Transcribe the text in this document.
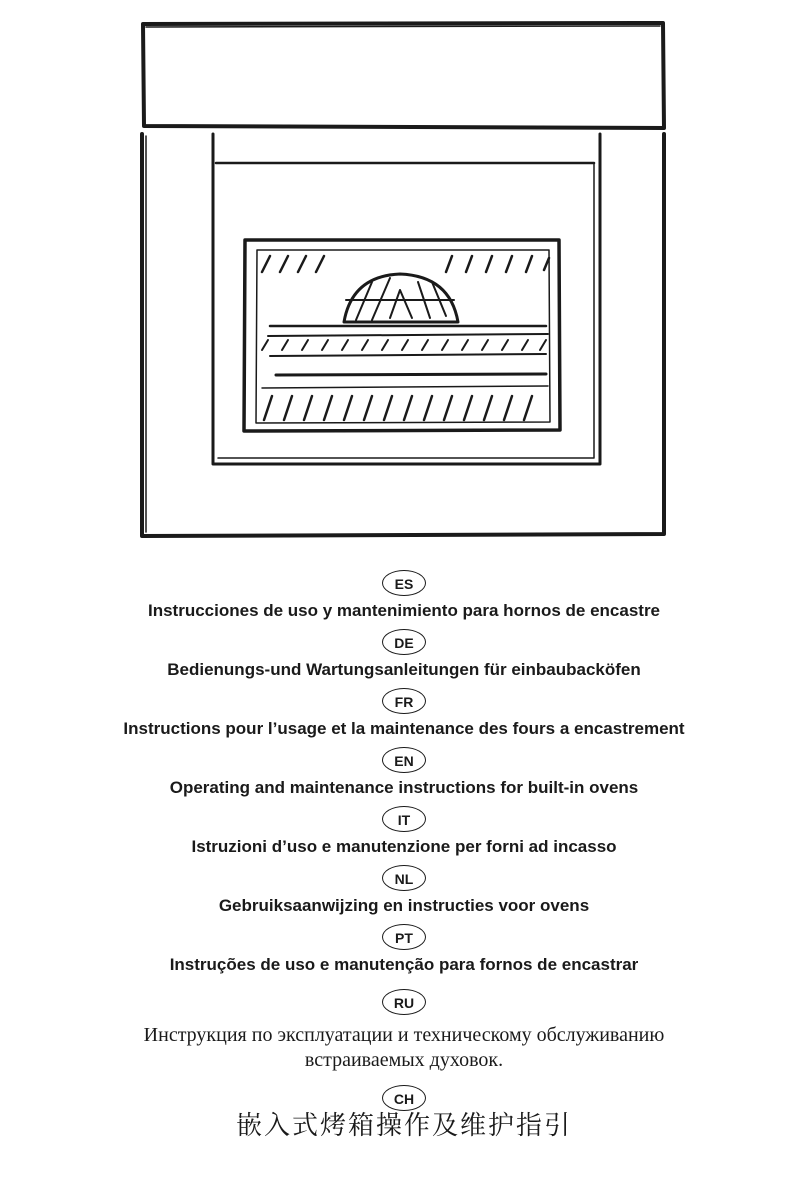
ES
Instrucciones de uso y mantenimiento para hornos de encastre
DE
Bedienungs-und Wartungsanleitungen für einbaubacköfen
FR
Instructions pour l’usage et la maintenance des fours a encastrement
EN
Operating and maintenance instructions for built-in ovens
IT
Istruzioni d’uso e manutenzione per forni ad incasso
NL
Gebruiksaanwijzing en instructies voor ovens
PT
Instruções de uso e manutenção para fornos de encastrar
RU
Инструкция по эксплуатации и техническому обслуживанию
встраиваемых духовок.
CH
嵌入式烤箱操作及维护指引
